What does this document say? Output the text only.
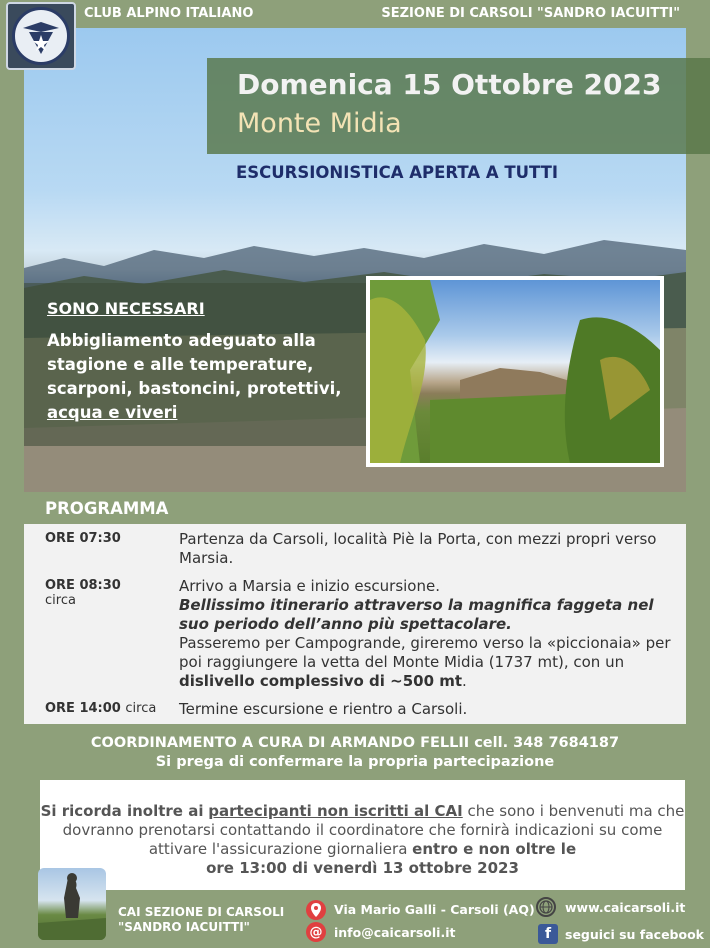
CLUB ALPINO ITALIANO	SEZIONE DI CARSOLI "SANDRO IACUITTI"
Domenica 15 Ottobre 2023
Monte Midia
ESCURSIONISTICA APERTA A TUTTI
SONO NECESSARI
Abbigliamento adeguato alla stagione e alle temperature, scarponi, bastoncini, protettivi, acqua e viveri
PROGRAMMA
ORE 07:30	Partenza da Carsoli, località Piè la Porta, con mezzi propri verso Marsia.
ORE 08:30
circa
Arrivo a Marsia e inizio escursione.
Bellissimo itinerario attraverso la magnifica faggeta nel suo periodo dell’anno più spettacolare.
Passeremo per Campogrande, gireremo verso la «piccionaia» per poi raggiungere la vetta del Monte Midia (1737 mt), con un dislivello complessivo di ~500 mt.
ORE 14:00 circa Termine escursione e rientro a Carsoli.
COORDINAMENTO A CURA DI ARMANDO FELLII cell. 348 7684187
Si prega di confermare la propria partecipazione
Si ricorda inoltre ai partecipanti non iscritti al CAI che sono i benvenuti ma che dovranno prenotarsi contattando il coordinatore che fornirà indicazioni su come attivare l'assicurazione giornaliera entro e non oltre le
ore 13:00 di venerdì 13 ottobre 2023
CAI SEZIONE DI CARSOLI
"SANDRO IACUITTI"
Via Mario Galli - Carsoli (AQ)
@ info@caicarsoli.it
www.caicarsoli.it
f seguici su facebook
